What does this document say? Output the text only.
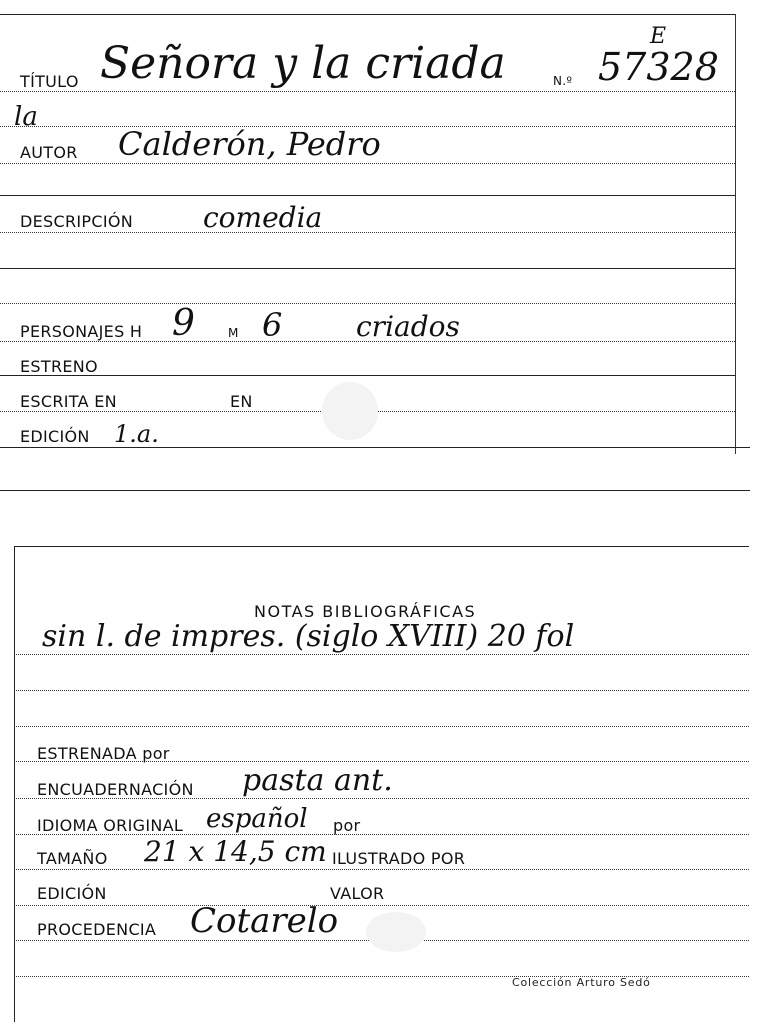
TÍTULO Señora y la criada	N.º 57328
E
la
AUTOR Calderón, Pedro
DESCRIPCIÓN	comedia
PERSONAJES H 9	M 6	criados
ESTRENO
ESCRITA EN	EN
EDICIÓN 1.a.
NOTAS BIBLIOGRÁFICAS
sin l. de impres. (siglo XVIII) 20 fol
ESTRENADA por
ENCUADERNACIÓN pasta ant.
IDIOMA ORIGINAL español por
TAMAÑO 21 x 14,5 cm ILUSTRADO POR
EDICIÓN	VALOR
PROCEDENCIA Cotarelo
Colección Arturo Sedó
